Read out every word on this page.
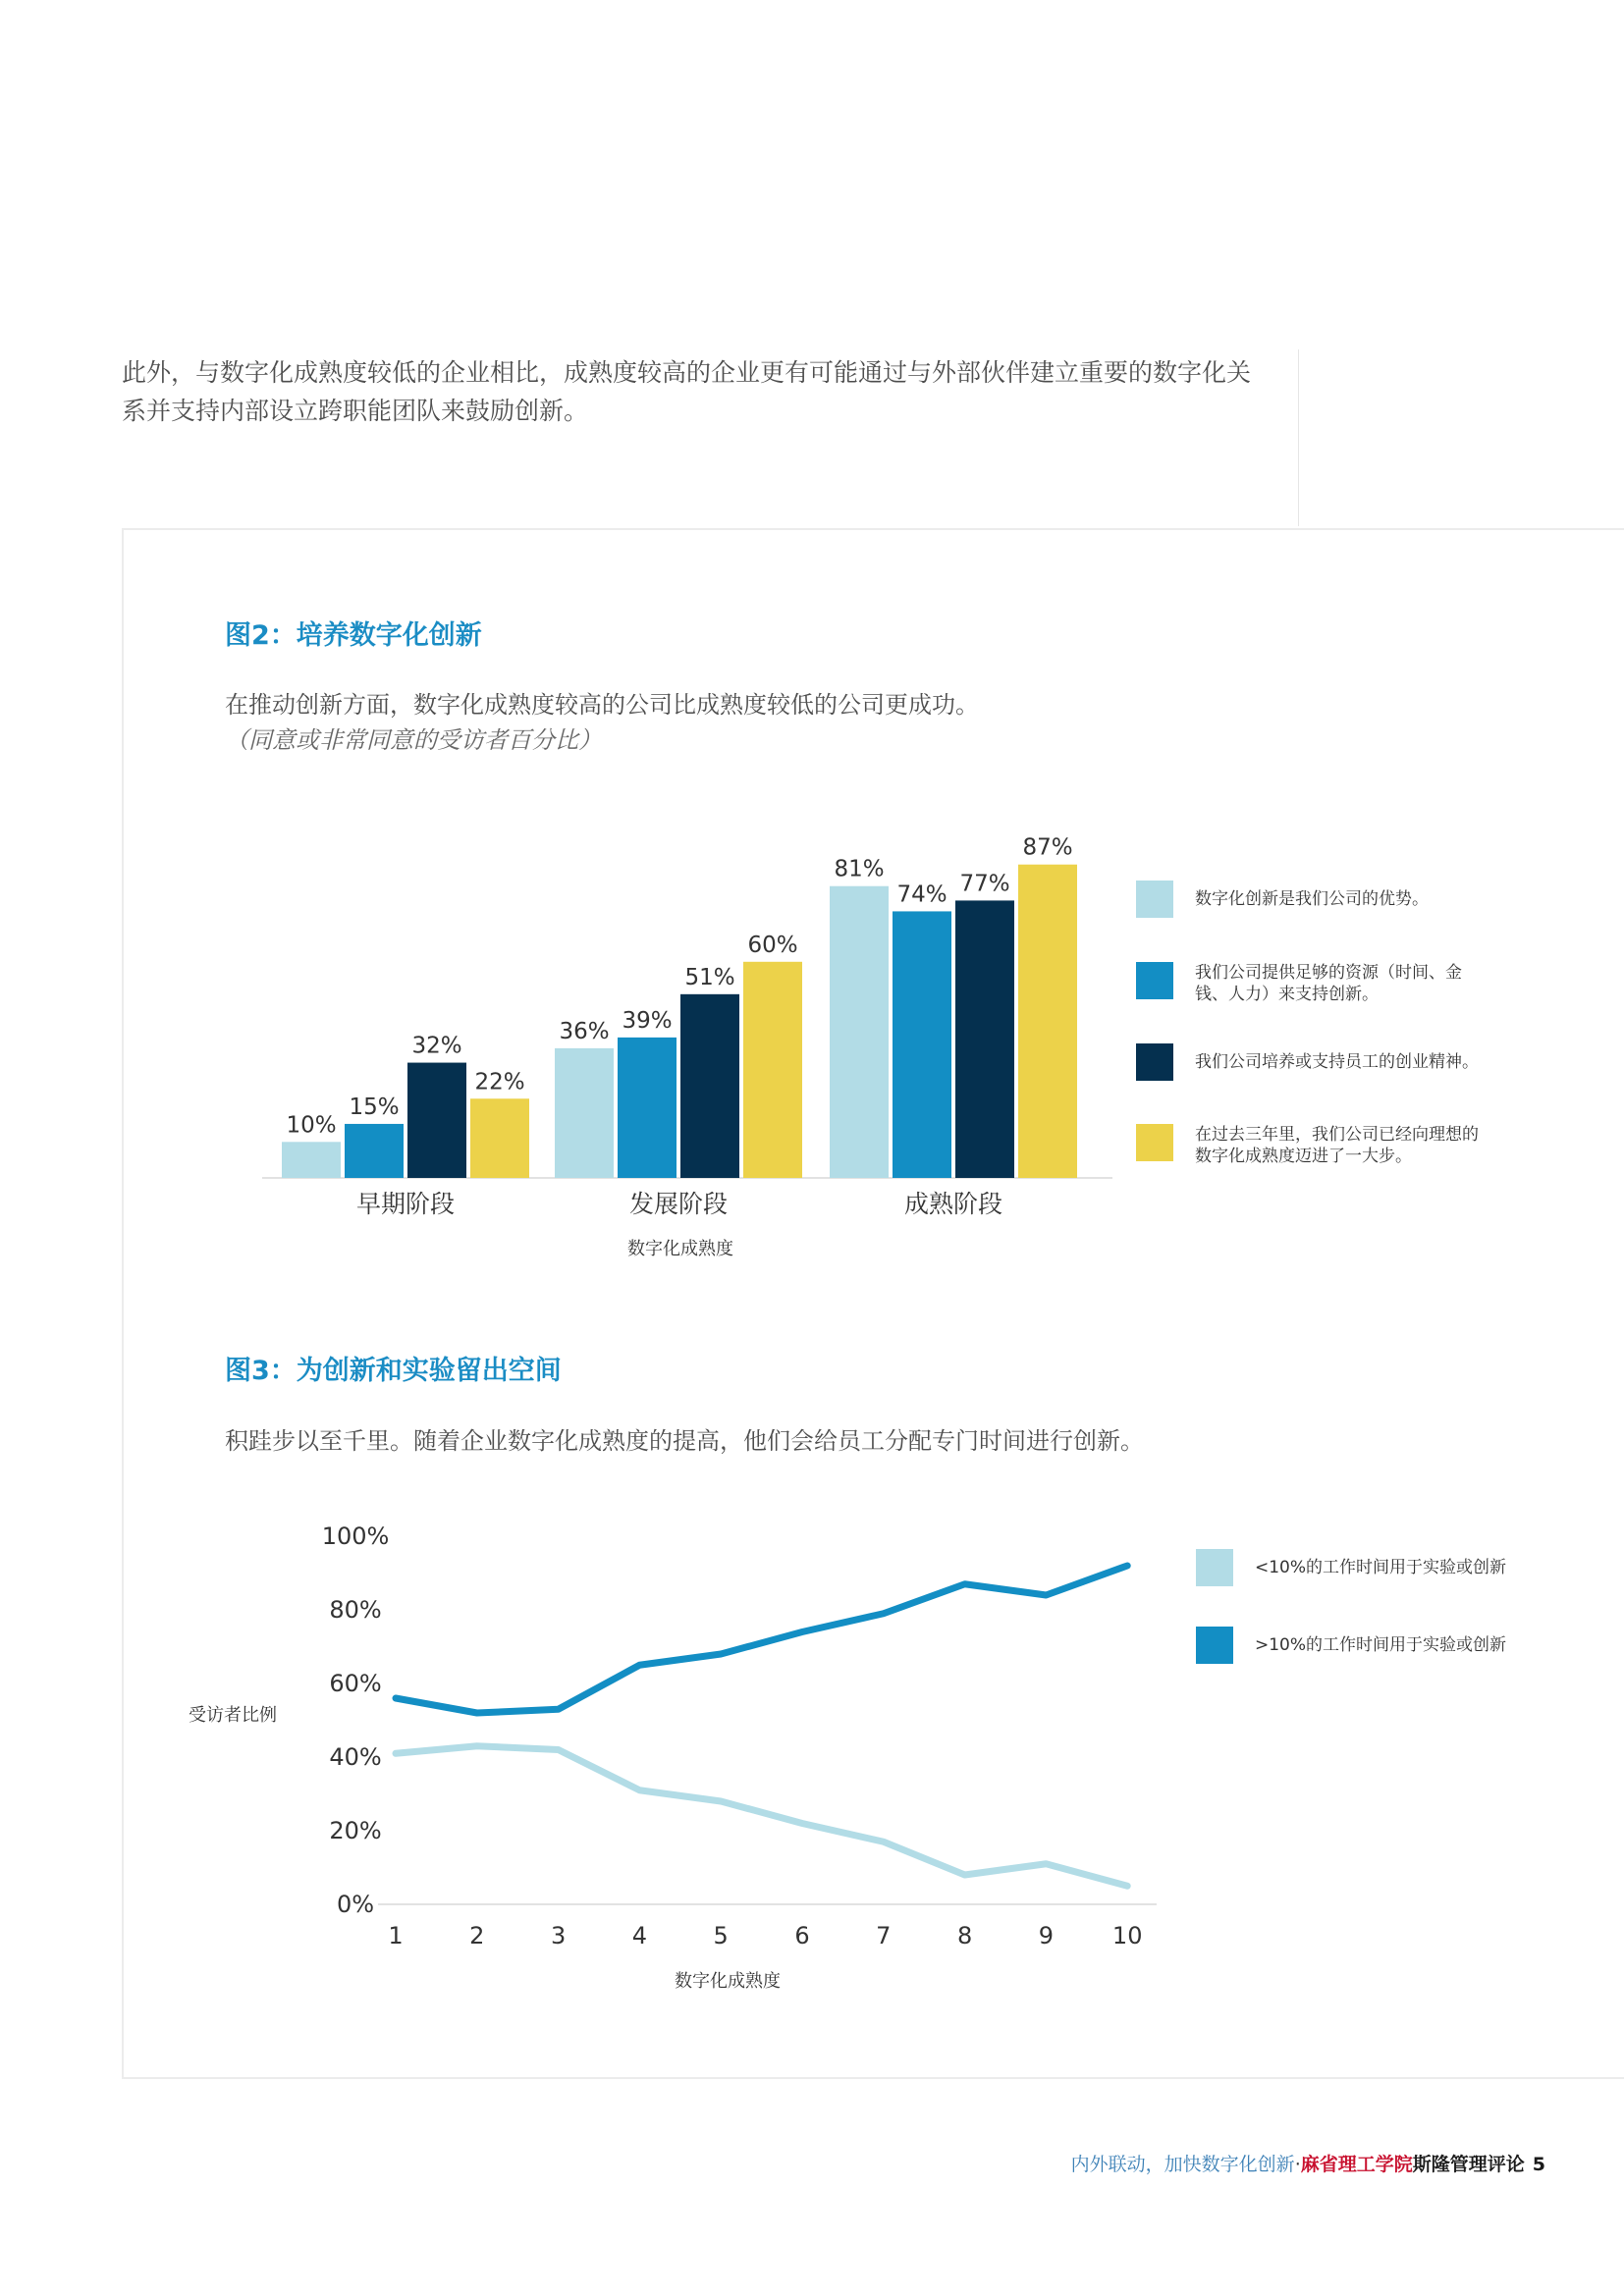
此外，与数字化成熟度较低的企业相比，成熟度较高的企业更有可能通过与外部伙伴建立重要的数字化关系并支持内部设立跨职能团队来鼓励创新。

图2：培养数字化创新

在推动创新方面，数字化成熟度较高的公司比成熟度较低的公司更成功。
（同意或非常同意的受访者百分比）

10%
15%
32%
22%
早期阶段
36% 39%
51%
60%
发展阶段
81%
74% 77%
87%
成熟阶段
数字化成熟度
数字化创新是我们公司的优势。
我们公司提供足够的资源（时间、金钱、人力）来支持创新。
我们公司培养或支持员工的创业精神。
在过去三年里，我们公司已经向理想的数字化成熟度迈进了一大步。
图3：为创新和实验留出空间

积跬步以至千里。随着企业数字化成熟度的提高，他们会给员工分配专门时间进行创新。

0%
20%
40%
60%
80%
100%
1	2	3	4	5	6	7	8	9 10
受访者比例
数字化成熟度
<10%的工作时间用于实验或创新
>10%的工作时间用于实验或创新
内外联动，加快数字化创新 · 麻省理工学院 斯隆管理评论 5
